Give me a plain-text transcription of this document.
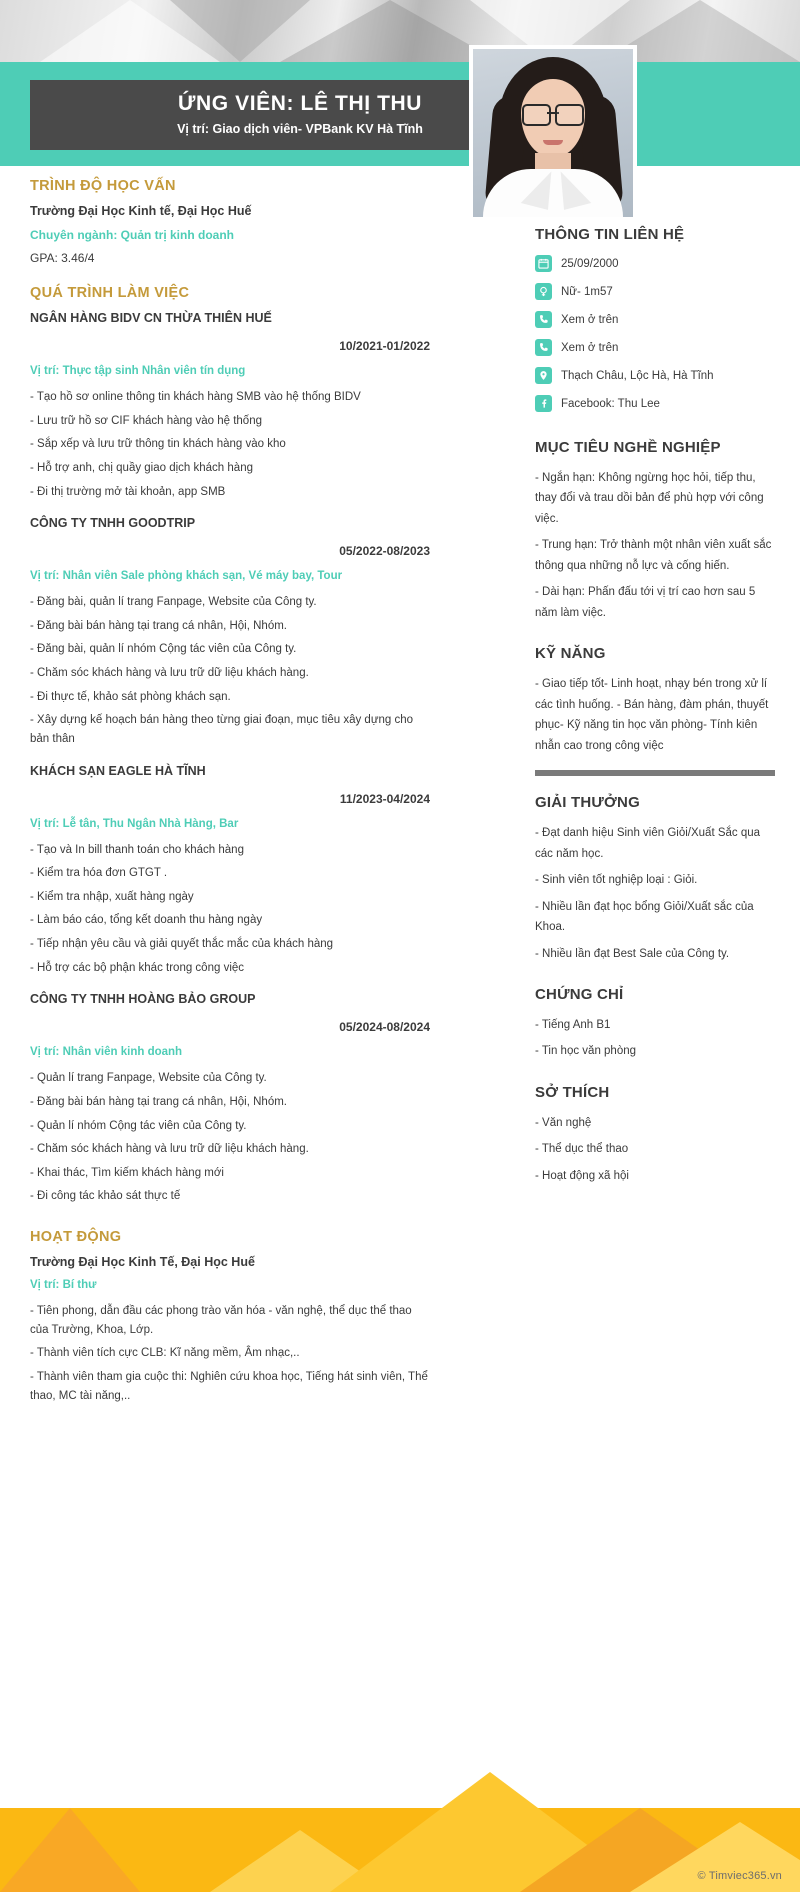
ỨNG VIÊN: LÊ THỊ THU
Vị trí: Giao dịch viên- VPBank KV Hà Tĩnh
TRÌNH ĐỘ HỌC VẤN
Trường Đại Học Kinh tế, Đại Học Huế
Chuyên ngành: Quản trị kinh doanh
GPA: 3.46/4
QUÁ TRÌNH LÀM VIỆC
NGÂN HÀNG BIDV CN THỪA THIÊN HUẾ
10/2021-01/2022
Vị trí: Thực tập sinh Nhân viên tín dụng
- Tạo hồ sơ online thông tin khách hàng SMB vào hệ thống BIDV
- Lưu trữ hồ sơ CIF khách hàng vào hệ thống
- Sắp xếp và lưu trữ thông tin khách hàng vào kho
- Hỗ trợ anh, chị quầy giao dịch khách hàng
- Đi thị trường mở tài khoản, app SMB
CÔNG TY TNHH GOODTRIP
05/2022-08/2023
Vị trí: Nhân viên Sale phòng khách sạn, Vé máy bay, Tour
- Đăng bài, quản lí trang Fanpage, Website của Công ty.
- Đăng bài bán hàng tại trang cá nhân, Hội, Nhóm.
- Đăng bài, quản lí nhóm Cộng tác viên của Công ty.
- Chăm sóc khách hàng và lưu trữ dữ liệu khách hàng.
- Đi thực tế, khảo sát phòng khách sạn.
- Xây dựng kế hoạch bán hàng theo từng giai đoạn, mục tiêu xây dựng cho bản thân
KHÁCH SẠN EAGLE HÀ TĨNH
11/2023-04/2024
Vị trí: Lễ tân, Thu Ngân Nhà Hàng, Bar
- Tạo và In bill thanh toán cho khách hàng
- Kiểm tra hóa đơn GTGT .
- Kiểm tra nhập, xuất hàng ngày
- Làm báo cáo, tổng kết doanh thu hàng ngày
- Tiếp nhận yêu cầu và giải quyết thắc mắc của khách hàng
- Hỗ trợ các bộ phận khác trong công việc
CÔNG TY TNHH HOÀNG BẢO GROUP
05/2024-08/2024
Vị trí: Nhân viên kinh doanh
- Quản lí trang Fanpage, Website của Công ty.
- Đăng bài bán hàng tại trang cá nhân, Hội, Nhóm.
- Quản lí nhóm Cộng tác viên của Công ty.
- Chăm sóc khách hàng và lưu trữ dữ liệu khách hàng.
- Khai thác, Tìm kiếm khách hàng mới
- Đi công tác khảo sát thực tế
HOẠT ĐỘNG
Trường Đại Học Kinh Tế, Đại Học Huế
Vị trí: Bí thư
- Tiên phong, dẫn đầu các phong trào văn hóa - văn nghệ, thể dục thể thao của Trường, Khoa, Lớp.
- Thành viên tích cực CLB: Kĩ năng mềm, Âm nhạc,..
- Thành viên tham gia cuộc thi: Nghiên cứu khoa học, Tiếng hát sinh viên, Thể thao, MC tài năng,..
THÔNG TIN LIÊN HỆ
25/09/2000
Nữ- 1m57
Xem ở trên
Xem ở trên
Thạch Châu, Lộc Hà, Hà Tĩnh
Facebook: Thu Lee
MỤC TIÊU NGHỀ NGHIỆP
- Ngắn hạn: Không ngừng học hỏi, tiếp thu, thay đổi và trau dồi bản để phù hợp với công việc.
- Trung hạn: Trở thành một nhân viên xuất sắc thông qua những nỗ lực và cống hiến.
- Dài hạn: Phấn đấu tới vị trí cao hơn sau 5 năm làm việc.
KỸ NĂNG
- Giao tiếp tốt- Linh hoạt, nhạy bén trong xử lí các tình huống. - Bán hàng, đàm phán, thuyết phục- Kỹ năng tin học văn phòng- Tính kiên nhẫn cao trong công việc
GIẢI THƯỞNG
- Đạt danh hiệu Sinh viên Giỏi/Xuất Sắc qua các năm học.
- Sinh viên tốt nghiệp loại : Giỏi.
- Nhiều lần đạt học bổng Giỏi/Xuất sắc của Khoa.
- Nhiều lần đạt Best Sale của Công ty.
CHỨNG CHỈ
- Tiếng Anh B1
- Tin học văn phòng
SỞ THÍCH
- Văn nghệ
- Thể dục thể thao
- Hoạt động xã hội
© Timviec365.vn
